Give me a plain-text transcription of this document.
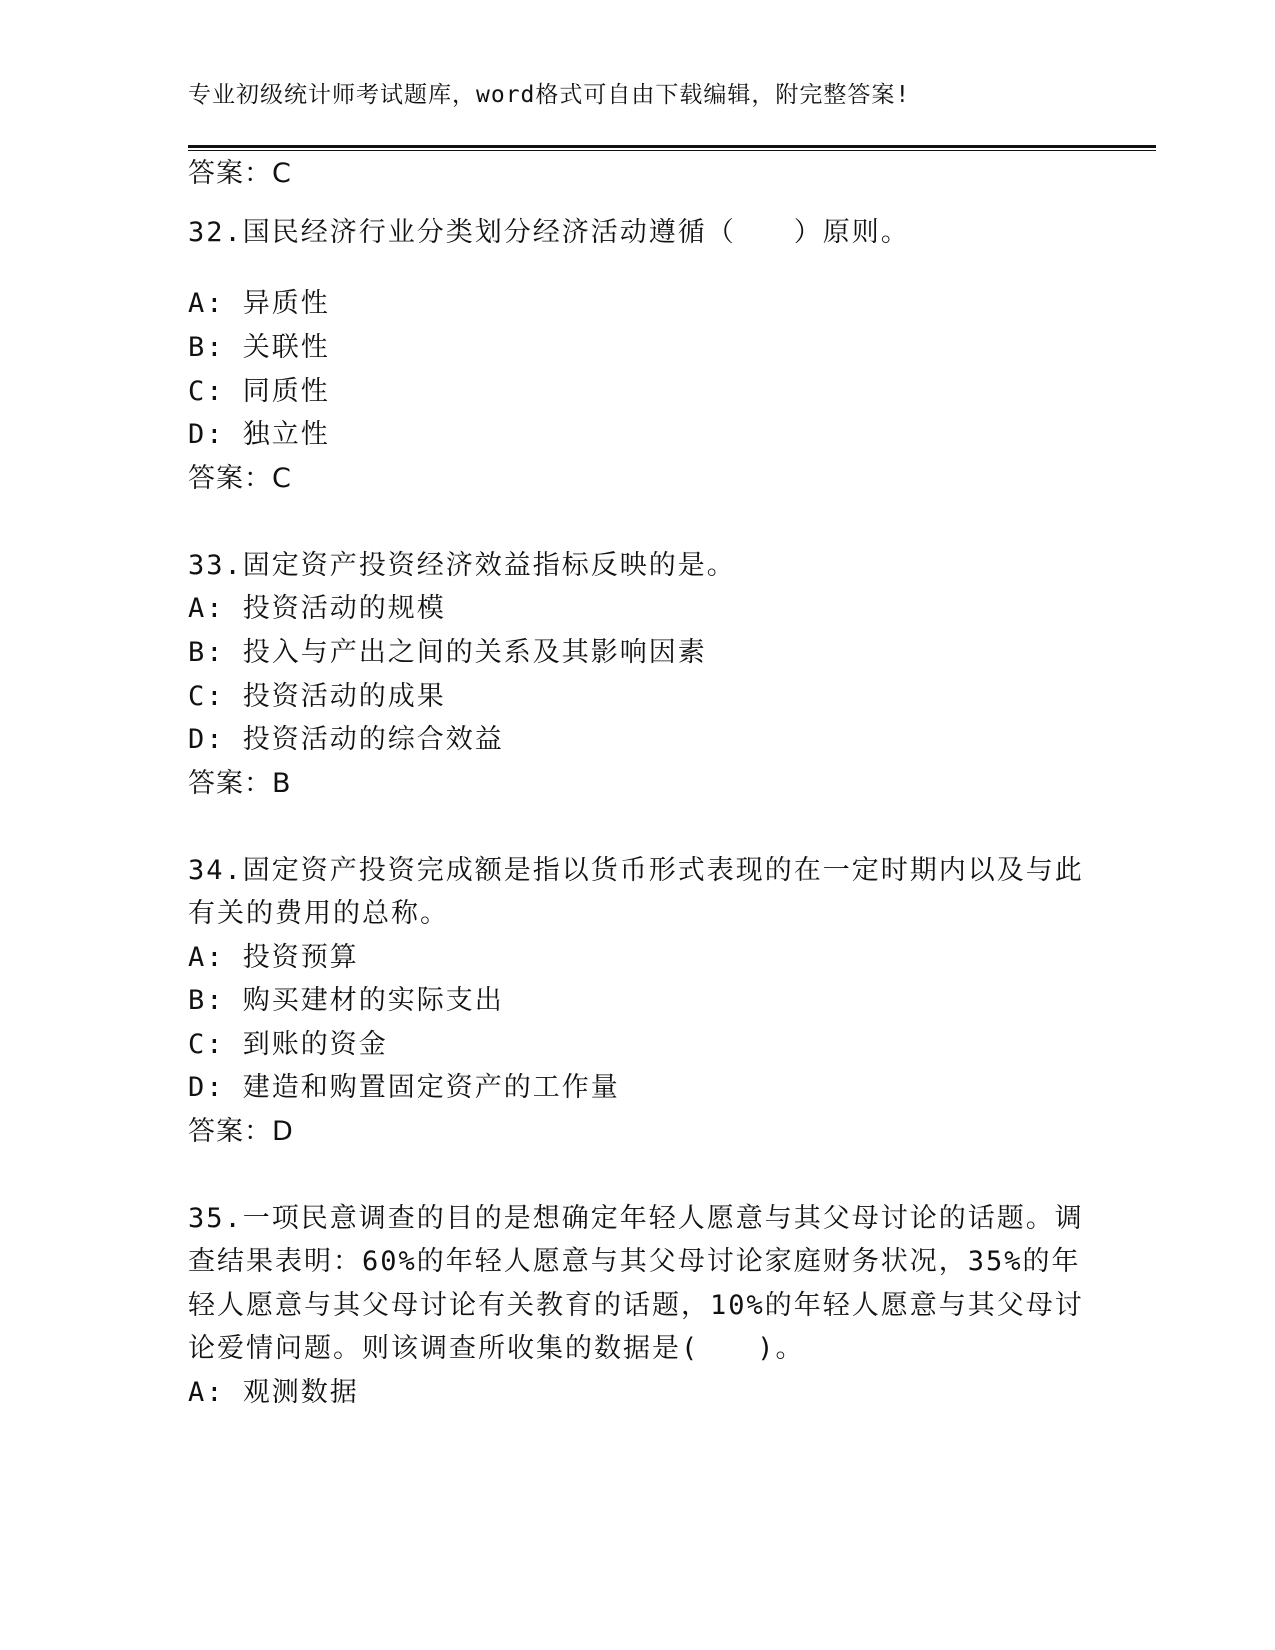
专业初级统计师考试题库，word格式可自由下载编辑，附完整答案!
答案：C
32.国民经济行业分类划分经济活动遵循（　　）原则。
A: 异质性
B: 关联性
C: 同质性
D: 独立性
答案：C
33.固定资产投资经济效益指标反映的是。
A: 投资活动的规模
B: 投入与产出之间的关系及其影响因素
C: 投资活动的成果
D: 投资活动的综合效益
答案：B
34.固定资产投资完成额是指以货币形式表现的在一定时期内以及与此
有关的费用的总称。
A: 投资预算
B: 购买建材的实际支出
C: 到账的资金
D: 建造和购置固定资产的工作量
答案：D
35.一项民意调查的目的是想确定年轻人愿意与其父母讨论的话题。调
查结果表明：60%的年轻人愿意与其父母讨论家庭财务状况，35%的年
轻人愿意与其父母讨论有关教育的话题，10%的年轻人愿意与其父母讨
论爱情问题。则该调查所收集的数据是(　　)。
A: 观测数据
